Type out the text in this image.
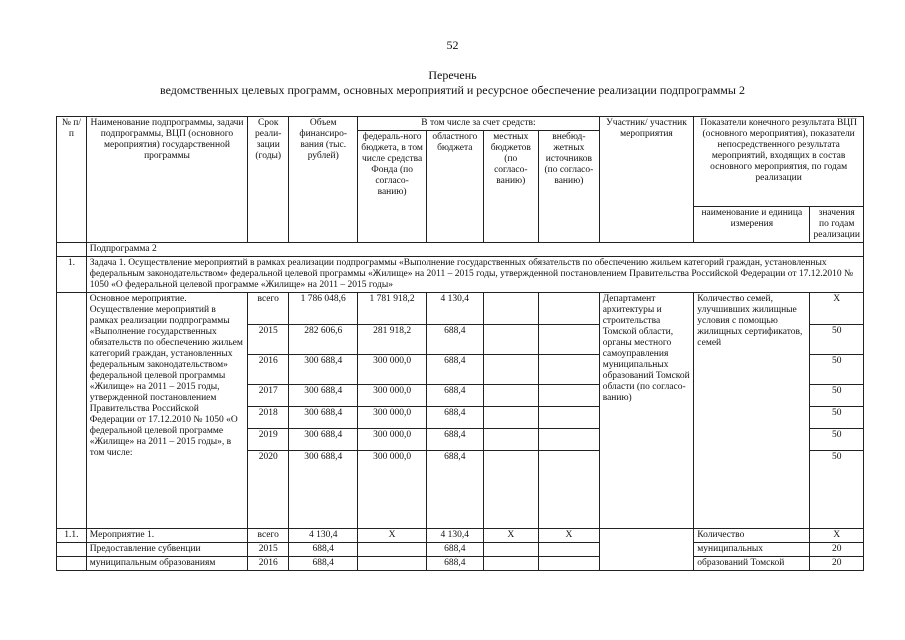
52
Перечень
ведомственных целевых программ, основных мероприятий и ресурсное обеспечение реализации подпрограммы 2
№ п/п	Наименование подпрограммы, задачи подпрограммы, ВЦП (основного мероприятия) государственной программы	Срок реали-зации (годы)	Объем финансиро-вания (тыс. рублей)	В том числе за счет средств:				Участник/ участник мероприятия	Показатели конечного результата ВЦП (основного мероприятия), показатели непосредственного результата мероприятий, входящих в состав основного мероприятия, по годам реализации	
				федераль-ного бюджета, в том числе средства Фонда (по согласо-ванию)	областного бюджета	местных бюджетов (по согласо-ванию)	внебюд-жетных источников (по согласо-ванию)			
									наименование и единица измерения	значения по годам реализации
	Подпрограмма 2									
1.	Задача 1. Осуществление мероприятий в рамках реализации подпрограммы «Выполнение государственных обязательств по обеспечению жильем категорий граждан, установленных федеральным законодательством» федеральной целевой программы «Жилище» на 2011 – 2015 годы, утвержденной постановлением Правительства Российской Федерации от 17.12.2010 № 1050 «О федеральной целевой программе «Жилище» на 2011 – 2015 годы»									
	Основное мероприятие. Осуществление мероприятий в рамках реализации подпрограммы «Выполнение государственных обязательств по обеспечению жильем категорий граждан, установленных федеральным законодательством» федеральной целевой программы «Жилище» на 2011 – 2015 годы, утвержденной постановлением Правительства Российской Федерации от 17.12.2010 № 1050 «О федеральной целевой программе «Жилище» на 2011 – 2015 годы», в том числе:	всего	1 786 048,6	1 781 918,2	4 130,4			Департамент архитектуры и строительства Томской области, органы местного самоуправления муниципальных образований Томской области (по согласо-ванию)	Количество семей, улучшивших жилищные условия с помощью жилищных сертификатов, семей	Х
		2015	282 606,6	281 918,2	688,4					50
		2016	300 688,4	300 000,0	688,4					50
		2017	300 688,4	300 000,0	688,4					50
		2018	300 688,4	300 000,0	688,4					50
		2019	300 688,4	300 000,0	688,4					50
		2020	300 688,4	300 000,0	688,4					50
1.1.	Мероприятие 1.	всего	4 130,4	Х	4 130,4	Х	Х		Количество	Х
	Предоставление субвенции	2015	688,4		688,4				муниципальных	20
	муниципальным образованиям	2016	688,4		688,4				образований Томской	20
